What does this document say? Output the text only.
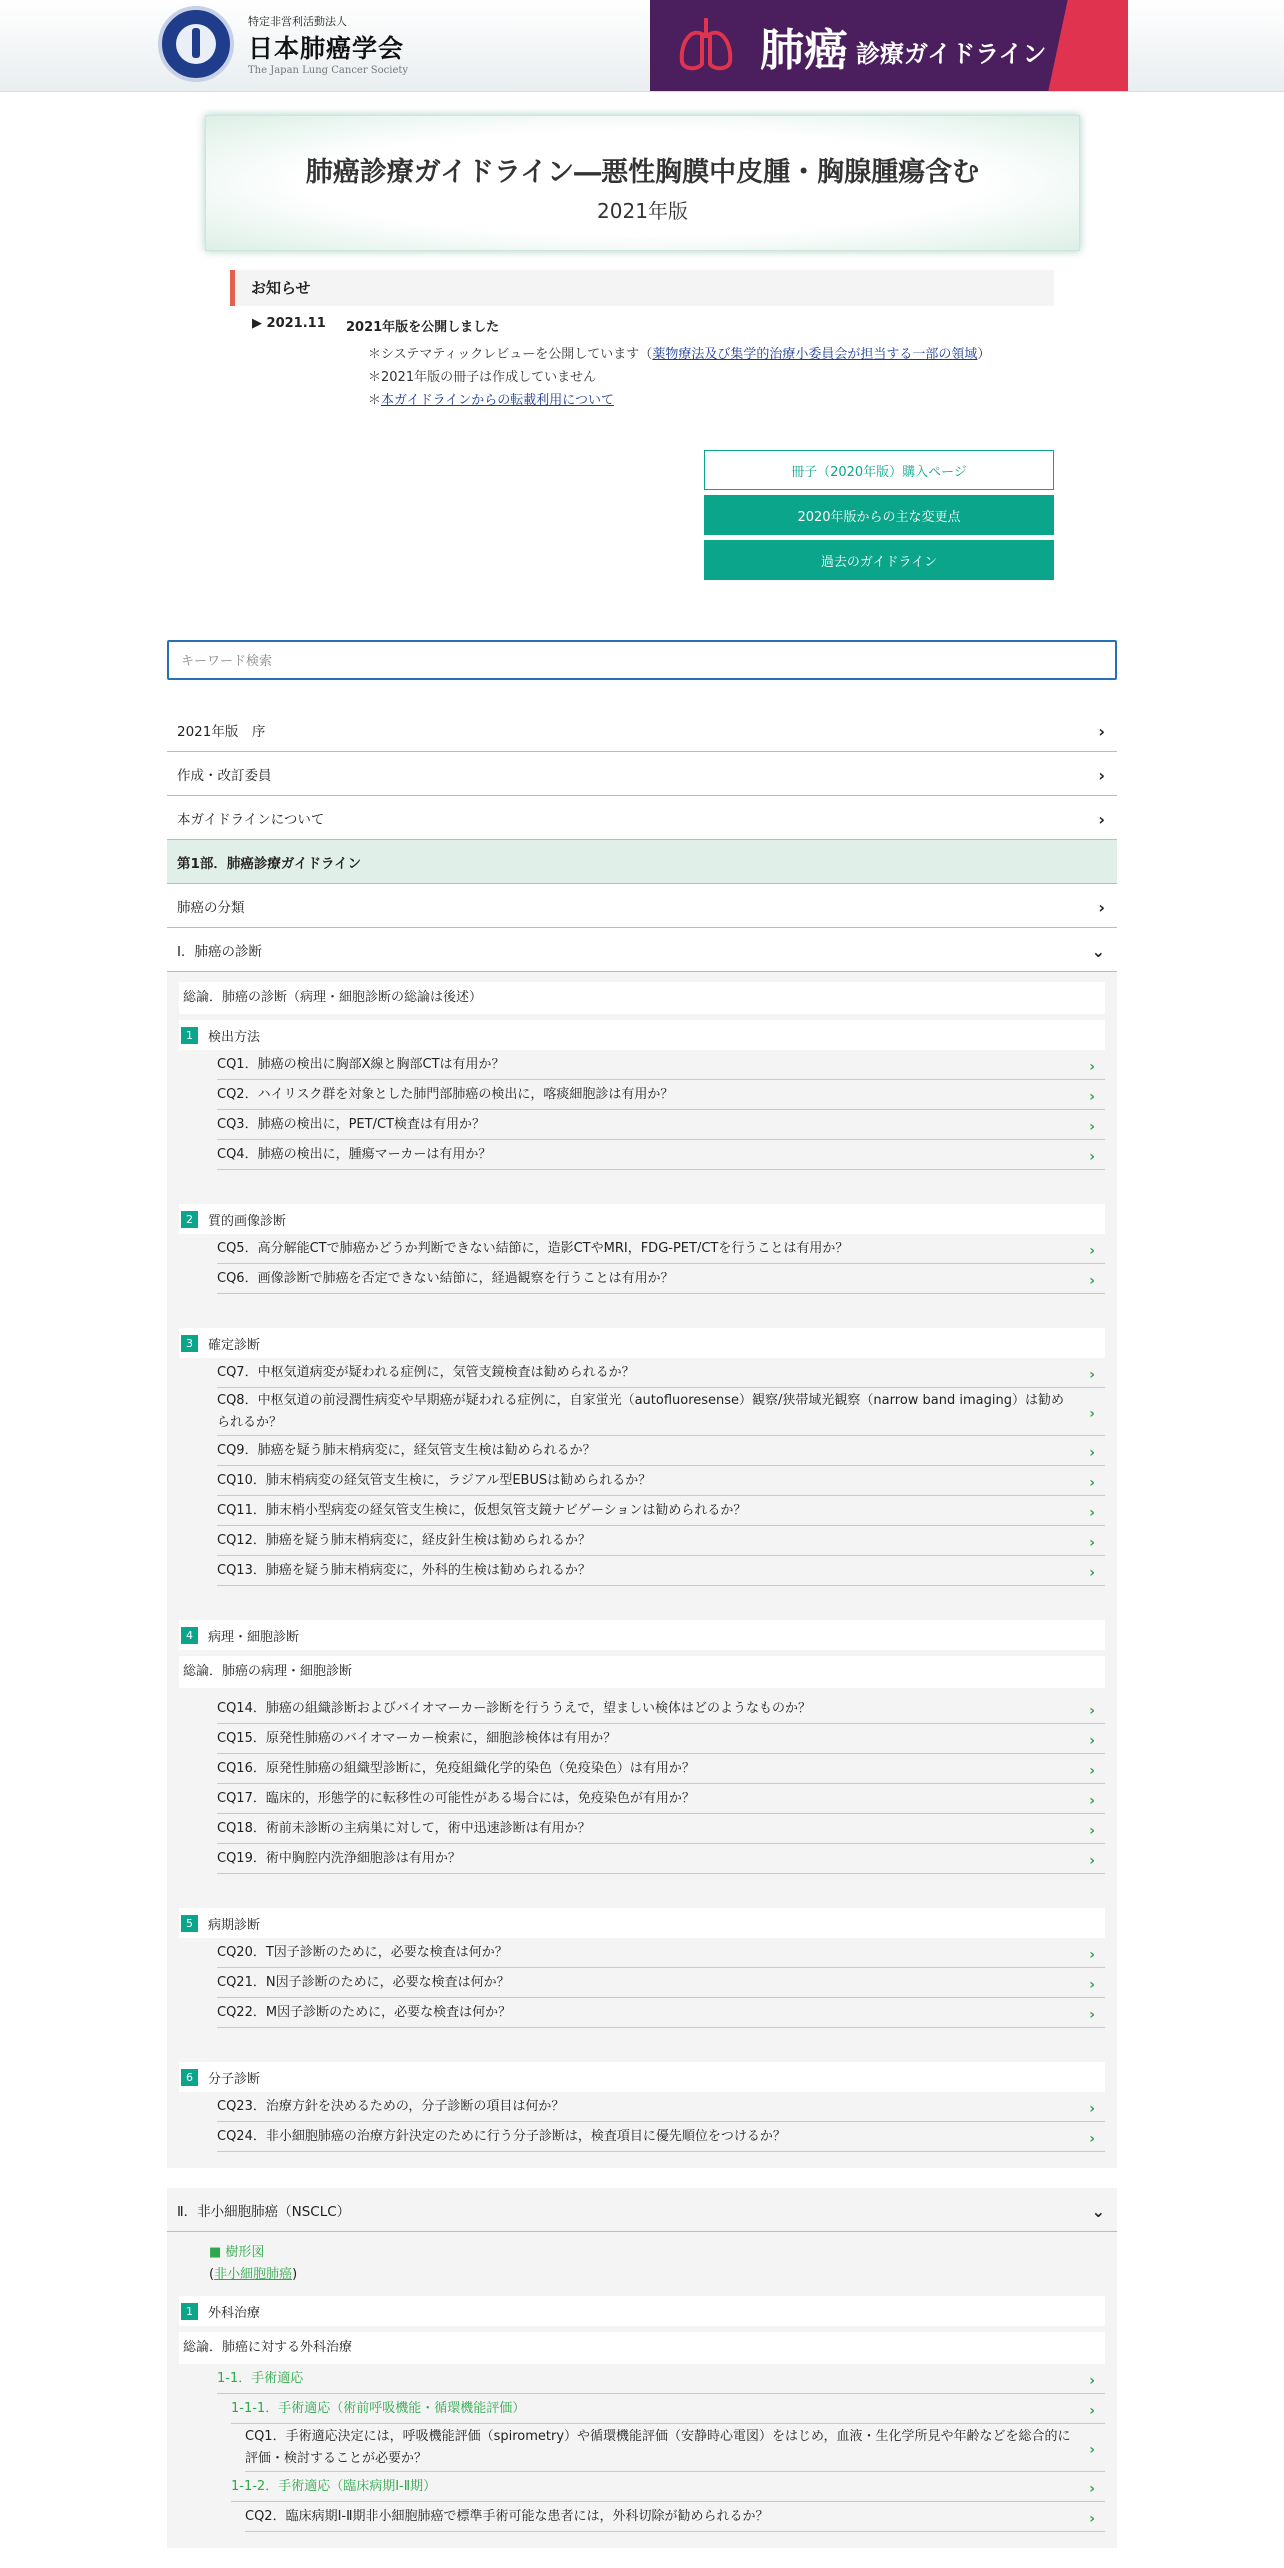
特定非営利活動法人
日本肺癌学会
The Japan Lung Cancer Society	肺癌 診療ガイドライン
肺癌診療ガイドライン―悪性胸膜中皮腫・胸腺腫瘍含む
2021年版
お知らせ
▶ 2021.11	2021年版を公開しました
＊システマティックレビューを公開しています（薬物療法及び集学的治療小委員会が担当する一部の領域）
＊2021年版の冊子は作成していません
＊本ガイドラインからの転載利用について
冊子（2020年版）購入ページ
2020年版からの主な変更点
過去のガイドライン
キーワード検索
2021年版　序	›
作成・改訂委員	›
本ガイドラインについて	›
第1部．肺癌診療ガイドライン
肺癌の分類	›
Ⅰ．肺癌の診断	⌄
総論．肺癌の診断（病理・細胞診断の総論は後述）
1	検出方法
CQ1．肺癌の検出に胸部X線と胸部CTは有用か？	›
CQ2．ハイリスク群を対象とした肺門部肺癌の検出に，喀痰細胞診は有用か？	›
CQ3．肺癌の検出に，PET/CT検査は有用か？	›
CQ4．肺癌の検出に，腫瘍マーカーは有用か？	›
2	質的画像診断
CQ5．高分解能CTで肺癌かどうか判断できない結節に，造影CTやMRI，FDG-PET/CTを行うことは有用か？	›
CQ6．画像診断で肺癌を否定できない結節に，経過観察を行うことは有用か？	›
3	確定診断
CQ7．中枢気道病変が疑われる症例に，気管支鏡検査は勧められるか？	›
CQ8．中枢気道の前浸潤性病変や早期癌が疑われる症例に，自家蛍光（autofluoresense）観察/狭帯域光観察（narrow band imaging）は勧められるか？
›
CQ9．肺癌を疑う肺末梢病変に，経気管支生検は勧められるか？	›
CQ10．肺末梢病変の経気管支生検に，ラジアル型EBUSは勧められるか？	›
CQ11．肺末梢小型病変の経気管支生検に，仮想気管支鏡ナビゲーションは勧められるか？	›
CQ12．肺癌を疑う肺末梢病変に，経皮針生検は勧められるか？	›
CQ13．肺癌を疑う肺末梢病変に，外科的生検は勧められるか？	›
4	病理・細胞診断
総論．肺癌の病理・細胞診断
CQ14．肺癌の組織診断およびバイオマーカー診断を行ううえで，望ましい検体はどのようなものか？	›
CQ15．原発性肺癌のバイオマーカー検索に，細胞診検体は有用か？	›
CQ16．原発性肺癌の組織型診断に，免疫組織化学的染色（免疫染色）は有用か？	›
CQ17．臨床的，形態学的に転移性の可能性がある場合には，免疫染色が有用か？	›
CQ18．術前未診断の主病巣に対して，術中迅速診断は有用か？	›
CQ19．術中胸腔内洗浄細胞診は有用か？	›
5	病期診断
CQ20．T因子診断のために，必要な検査は何か？	›
CQ21．N因子診断のために，必要な検査は何か？	›
CQ22．M因子診断のために，必要な検査は何か？	›
6	分子診断
CQ23．治療方針を決めるための，分子診断の項目は何か？	›
CQ24．非小細胞肺癌の治療方針決定のために行う分子診断は，検査項目に優先順位をつけるか？	›
Ⅱ．非小細胞肺癌（NSCLC）	⌄
■ 樹形図
(非小細胞肺癌)
1	外科治療
総論．肺癌に対する外科治療
1-1．手術適応	›
1-1-1．手術適応（術前呼吸機能・循環機能評価）	›
CQ1．手術適応決定には，呼吸機能評価（spirometry）や循環機能評価（安静時心電図）をはじめ，血液・生化学所見や年齢などを総合的に評価・検討することが必要か？
›
1-1-2．手術適応（臨床病期Ⅰ-Ⅱ期）	›
CQ2．臨床病期Ⅰ-Ⅱ期非小細胞肺癌で標準手術可能な患者には，外科切除が勧められるか？	›
